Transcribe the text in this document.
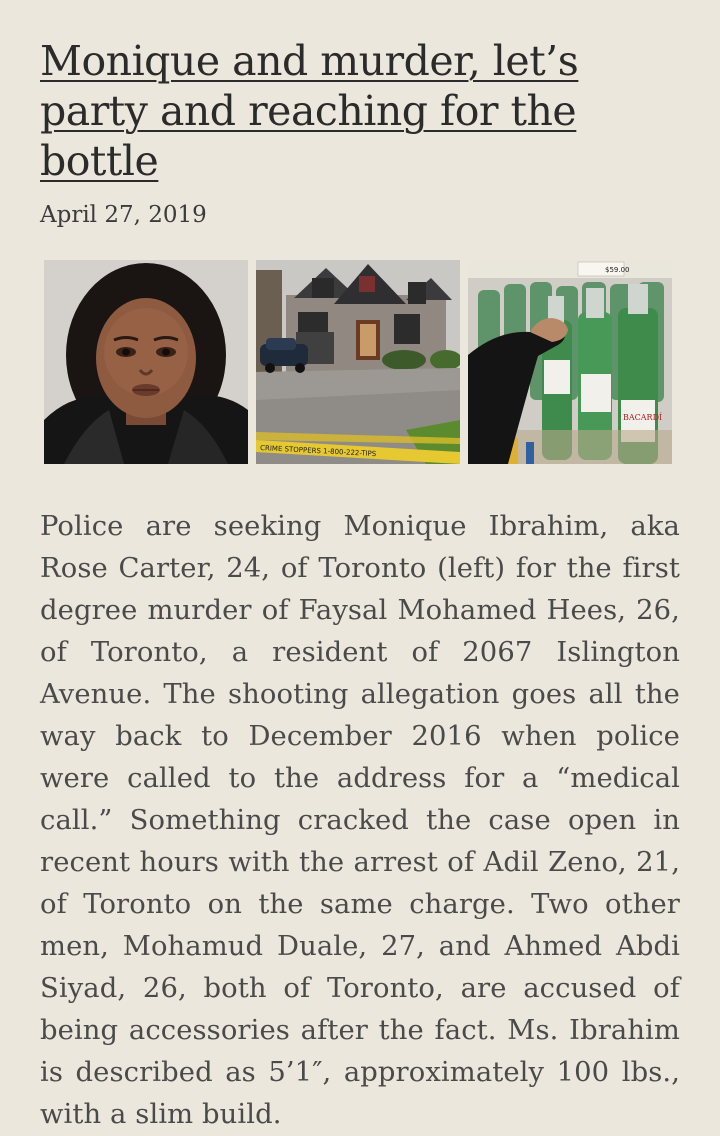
Monique and murder, let’s party and reaching for the bottle
April 27, 2019
CRIME STOPPERS 1-800-222-TIPS
$59.00
BACARDÍ

Police are seeking Monique Ibrahim, aka Rose Carter, 24, of Toronto (left) for the first degree murder of Faysal Mohamed Hees, 26, of Toronto, a resident of 2067 Islington Avenue. The shooting allegation goes all the way back to December 2016 when police were called to the address for a “medical call.” Something cracked the case open in recent hours with the arrest of Adil Zeno, 21, of Toronto on the same charge. Two other men, Mohamud Duale, 27, and Ahmed Abdi Siyad, 26, both of Toronto, are accused of being accessories after the fact. Ms. Ibrahim is described as 5’1″, approximately 100 lbs., with a slim build.
